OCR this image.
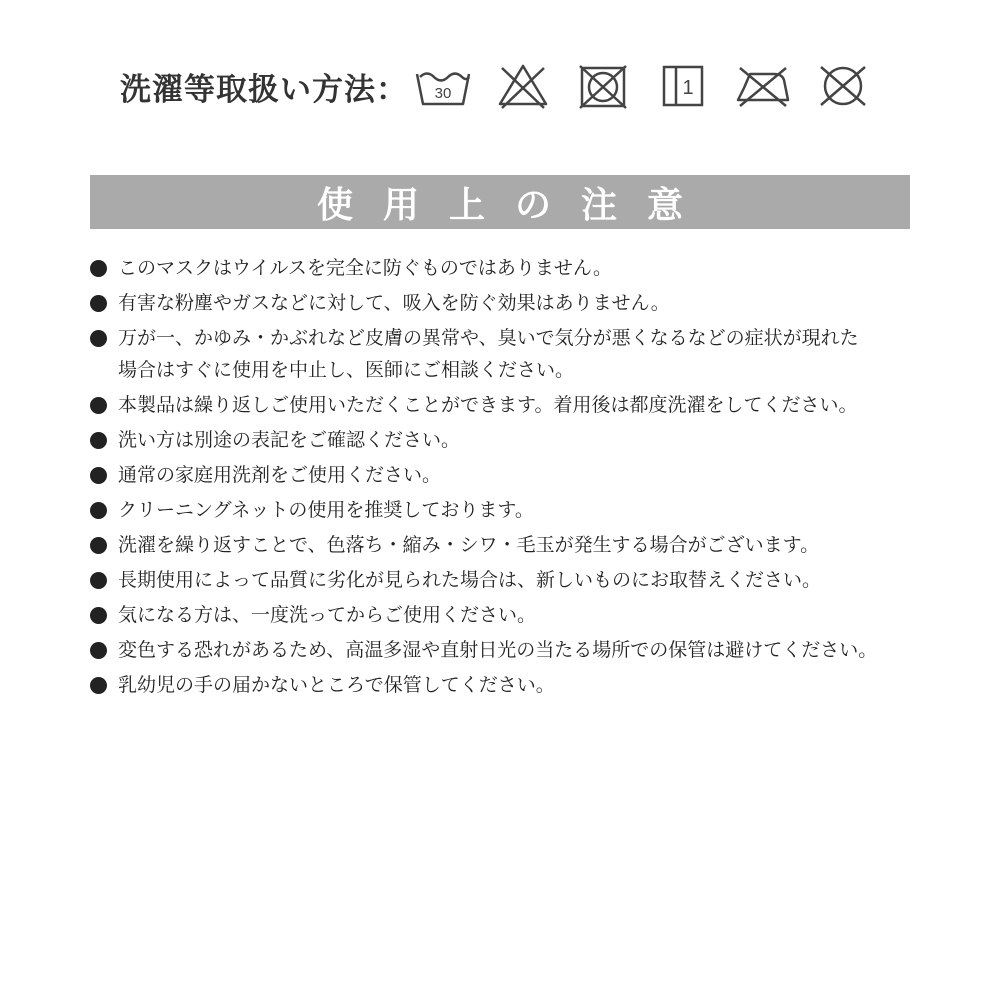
洗濯等取扱い方法： 30	1
使用上の注意
このマスクはウイルスを完全に防ぐものではありません。
有害な粉塵やガスなどに対して、吸入を防ぐ効果はありません。
万が一、かゆみ・かぶれなど皮膚の異常や、臭いで気分が悪くなるなどの症状が現れた
場合はすぐに使用を中止し、医師にご相談ください。
本製品は繰り返しご使用いただくことができます。着用後は都度洗濯をしてください。
洗い方は別途の表記をご確認ください。
通常の家庭用洗剤をご使用ください。
クリーニングネットの使用を推奨しております。
洗濯を繰り返すことで、色落ち・縮み・シワ・毛玉が発生する場合がございます。
長期使用によって品質に劣化が見られた場合は、新しいものにお取替えください。
気になる方は、一度洗ってからご使用ください。
変色する恐れがあるため、高温多湿や直射日光の当たる場所での保管は避けてください。
乳幼児の手の届かないところで保管してください。
